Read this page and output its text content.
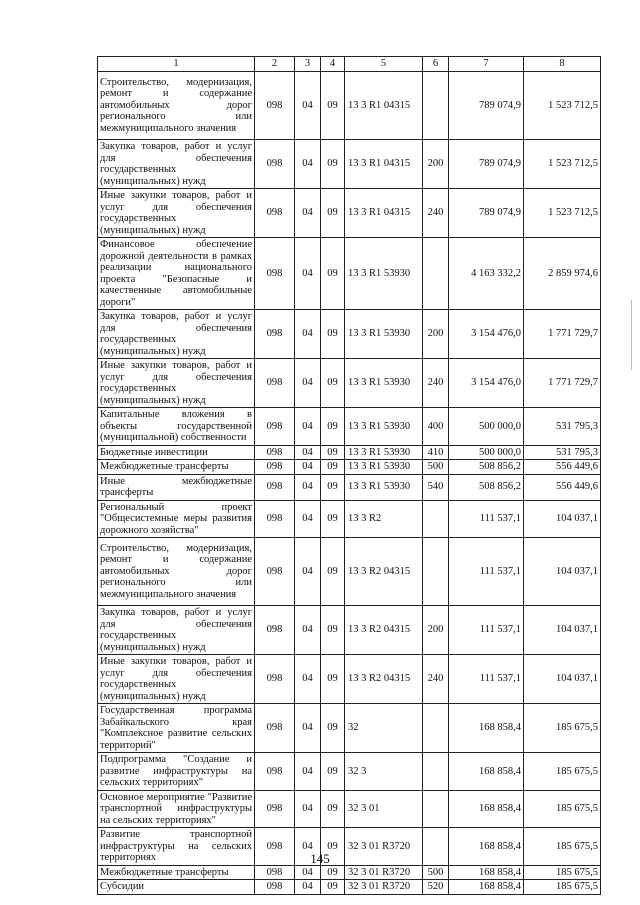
1	2	3	4	5	6	7	8
Строительство, модернизация, ремонт и содержание автомобильных дорог регионального или межмуниципального значения	098	04	09	13 3 R1 04315		789 074,9	1 523 712,5
Закупка товаров, работ и услуг для обеспечения государственных (муниципальных) нужд	098	04	09	13 3 R1 04315	200	789 074,9	1 523 712,5
Иные закупки товаров, работ и услуг для обеспечения государственных (муниципальных) нужд	098	04	09	13 3 R1 04315	240	789 074,9	1 523 712,5
Финансовое обеспечение дорожной деятельности в рамках реализации национального проекта "Безопасные и качественные автомобильные дороги"	098	04	09	13 3 R1 53930		4 163 332,2	2 859 974,6
Закупка товаров, работ и услуг для обеспечения государственных (муниципальных) нужд	098	04	09	13 3 R1 53930	200	3 154 476,0	1 771 729,7
Иные закупки товаров, работ и услуг для обеспечения государственных (муниципальных) нужд	098	04	09	13 3 R1 53930	240	3 154 476,0	1 771 729,7
Капитальные вложения в объекты государственной (муниципальной) собственности	098	04	09	13 3 R1 53930	400	500 000,0	531 795,3
Бюджетные инвестиции	098	04	09	13 3 R1 53930	410	500 000,0	531 795,3
Межбюджетные трансферты	098	04	09	13 3 R1 53930	500	508 856,2	556 449,6
Иные межбюджетные трансферты	098	04	09	13 3 R1 53930	540	508 856,2	556 449,6
Региональный проект "Общесистемные меры развития дорожного хозяйства"	098	04	09	13 3 R2		111 537,1	104 037,1
Строительство, модернизация, ремонт и содержание автомобильных дорог регионального или межмуниципального значения	098	04	09	13 3 R2 04315		111 537,1	104 037,1
Закупка товаров, работ и услуг для обеспечения государственных (муниципальных) нужд	098	04	09	13 3 R2 04315	200	111 537,1	104 037,1
Иные закупки товаров, работ и услуг для обеспечения государственных (муниципальных) нужд	098	04	09	13 3 R2 04315	240	111 537,1	104 037,1
Государственная программа Забайкальского края "Комплексное развитие сельских территорий"	098	04	09	32		168 858,4	185 675,5
Подпрограмма "Создание и развитие инфраструктуры на сельских территориях"	098	04	09	32 3		168 858,4	185 675,5
Основное мероприятие "Развитие транспортной инфраструктуры на сельских территориях"	098	04	09	32 3 01		168 858,4	185 675,5
Развитие транспортной инфраструктуры на сельских территориях	098	04	09	32 3 01 R3720		168 858,4	185 675,5
Межбюджетные трансферты	098	04	09	32 3 01 R3720	500	168 858,4	185 675,5
Субсидии	098	04	09	32 3 01 R3720	520	168 858,4	185 675,5
145
